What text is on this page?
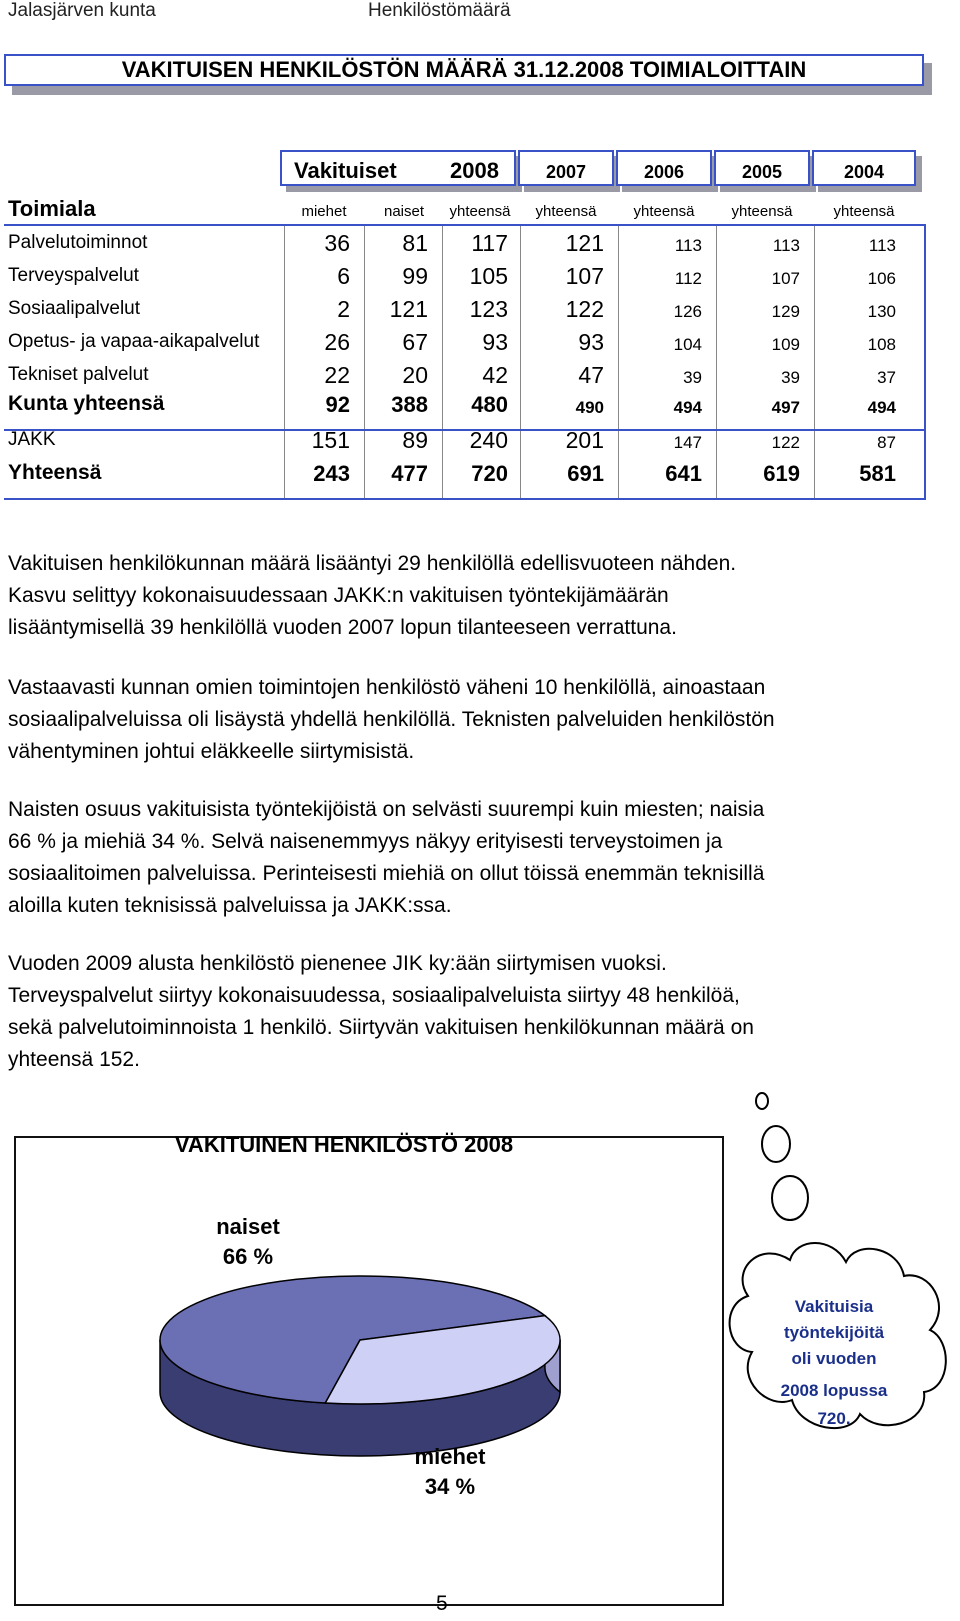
Jalasjärven kunta	Henkilöstömäärä
VAKITUISEN HENKILÖSTÖN MÄÄRÄ 31.12.2008 TOIMIALOITTAIN
Vakituiset 2008	2007	2006	2005	2004
Toimiala	miehet	naiset	yhteensä	yhteensä	yhteensä	yhteensä	yhteensä
Palvelutoiminnot	36	81	117	121	113	113	113
Terveyspalvelut	6	99	105	107	112	107	106
Sosiaalipalvelut	2	121	123	122	126	129	130
Opetus- ja vapaa-aikapalvelut	26	67	93	93	104	109	108
Tekniset palvelut	22	20	42	47	39	39	37
Kunta yhteensä	92	388	480	490	494	497	494
JAKK	151	89	240	201	147	122	87
Yhteensä	243	477	720	691	641	619	581
Vakituisen henkilökunnan määrä lisääntyi 29 henkilöllä edellisvuoteen nähden.
Kasvu selittyy kokonaisuudessaan JAKK:n vakituisen työntekijämäärän
lisääntymisellä 39 henkilöllä vuoden 2007 lopun tilanteeseen verrattuna.
Vastaavasti kunnan omien toimintojen henkilöstö väheni 10 henkilöllä, ainoastaan
sosiaalipalveluissa oli lisäystä yhdellä henkilöllä. Teknisten palveluiden henkilöstön
vähentyminen johtui eläkkeelle siirtymisistä.
Naisten osuus vakituisista työntekijöistä on selvästi suurempi kuin miesten; naisia
66 % ja miehiä 34 %. Selvä naisenemmyys näkyy erityisesti terveystoimen ja
sosiaalitoimen palveluissa. Perinteisesti miehiä on ollut töissä enemmän teknisillä
aloilla kuten teknisissä palveluissa ja JAKK:ssa.
Vuoden 2009 alusta henkilöstö pienenee JIK ky:ään siirtymisen vuoksi.
Terveyspalvelut siirtyy kokonaisuudessa, sosiaalipalveluista siirtyy 48 henkilöä,
sekä palvelutoiminnoista 1 henkilö. Siirtyvän vakituisen henkilökunnan määrä on
yhteensä 152.
VAKITUINEN HENKILÖSTÖ 2008
naiset
66 %
miehet
34 %
Vakituisia
työntekijöitä
oli vuoden
2008 lopussa
720.
5
